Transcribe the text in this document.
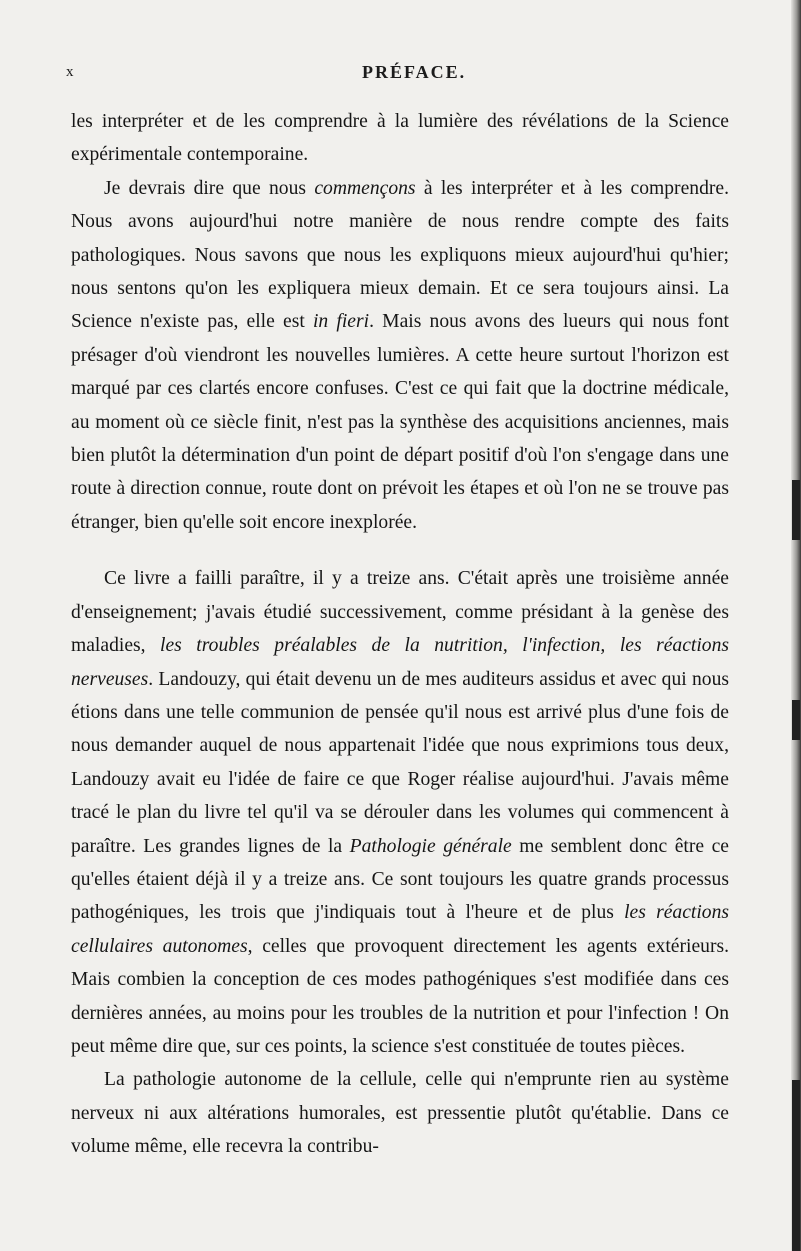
x	PRÉFACE.

les interpréter et de les comprendre à la lumière des révélations de la Science expérimentale contemporaine.

Je devrais dire que nous commençons à les interpréter et à les comprendre. Nous avons aujourd'hui notre manière de nous rendre compte des faits pathologiques. Nous savons que nous les expliquons mieux aujourd'hui qu'hier; nous sentons qu'on les expliquera mieux demain. Et ce sera toujours ainsi. La Science n'existe pas, elle est in fieri. Mais nous avons des lueurs qui nous font présager d'où viendront les nouvelles lumières. A cette heure surtout l'horizon est marqué par ces clartés encore confuses. C'est ce qui fait que la doctrine médicale, au moment où ce siècle finit, n'est pas la synthèse des acquisitions anciennes, mais bien plutôt la détermination d'un point de départ positif d'où l'on s'engage dans une route à direction connue, route dont on prévoit les étapes et où l'on ne se trouve pas étranger, bien qu'elle soit encore inexplorée.

Ce livre a failli paraître, il y a treize ans. C'était après une troisième année d'enseignement; j'avais étudié successivement, comme présidant à la genèse des maladies, les troubles préalables de la nutrition, l'infection, les réactions nerveuses. Landouzy, qui était devenu un de mes auditeurs assidus et avec qui nous étions dans une telle communion de pensée qu'il nous est arrivé plus d'une fois de nous demander auquel de nous appartenait l'idée que nous exprimions tous deux, Landouzy avait eu l'idée de faire ce que Roger réalise aujourd'hui. J'avais même tracé le plan du livre tel qu'il va se dérouler dans les volumes qui commencent à paraître. Les grandes lignes de la Pathologie générale me semblent donc être ce qu'elles étaient déjà il y a treize ans. Ce sont toujours les quatre grands processus pathogéniques, les trois que j'indiquais tout à l'heure et de plus les réactions cellulaires autonomes, celles que provoquent directement les agents extérieurs. Mais combien la conception de ces modes pathogéniques s'est modifiée dans ces dernières années, au moins pour les troubles de la nutrition et pour l'infection ! On peut même dire que, sur ces points, la science s'est constituée de toutes pièces.

La pathologie autonome de la cellule, celle qui n'emprunte rien au système nerveux ni aux altérations humorales, est pressentie plutôt qu'établie. Dans ce volume même, elle recevra la contribu-
